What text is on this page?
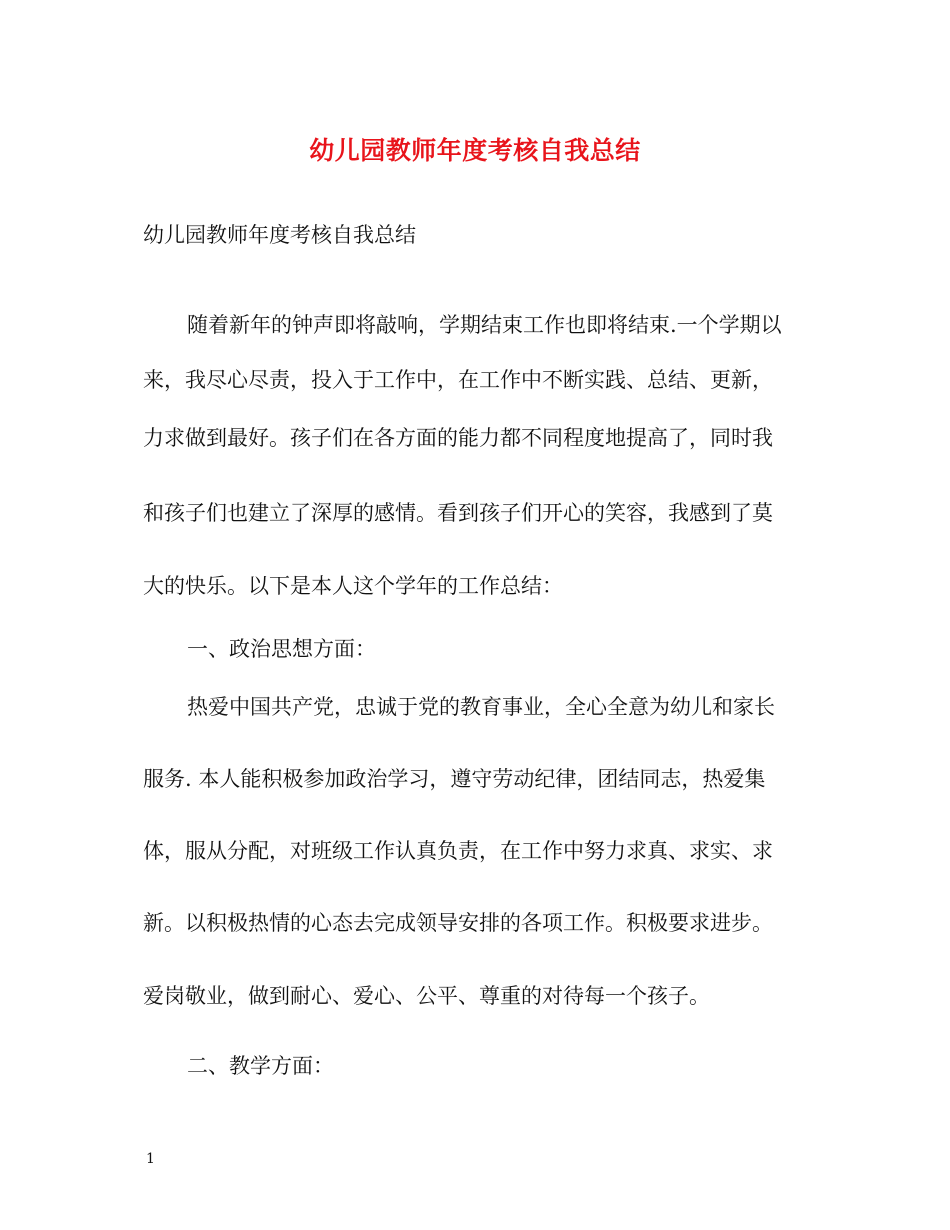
幼儿园教师年度考核自我总结
幼儿园教师年度考核自我总结
随着新年的钟声即将敲响，学期结束工作也即将结束.一个学期以
来，我尽心尽责，投入于工作中，在工作中不断实践、总结、更新，
力求做到最好。孩子们在各方面的能力都不同程度地提高了，同时我
和孩子们也建立了深厚的感情。看到孩子们开心的笑容，我感到了莫
大的快乐。以下是本人这个学年的工作总结：
一、政治思想方面：
热爱中国共产党，忠诚于党的教育事业，全心全意为幼儿和家长
服务. 本人能积极参加政治学习，遵守劳动纪律，团结同志，热爱集
体，服从分配，对班级工作认真负责，在工作中努力求真、求实、求
新。以积极热情的心态去完成领导安排的各项工作。积极要求进步。
爱岗敬业，做到耐心、爱心、公平、尊重的对待每一个孩子。
二、教学方面：
1
